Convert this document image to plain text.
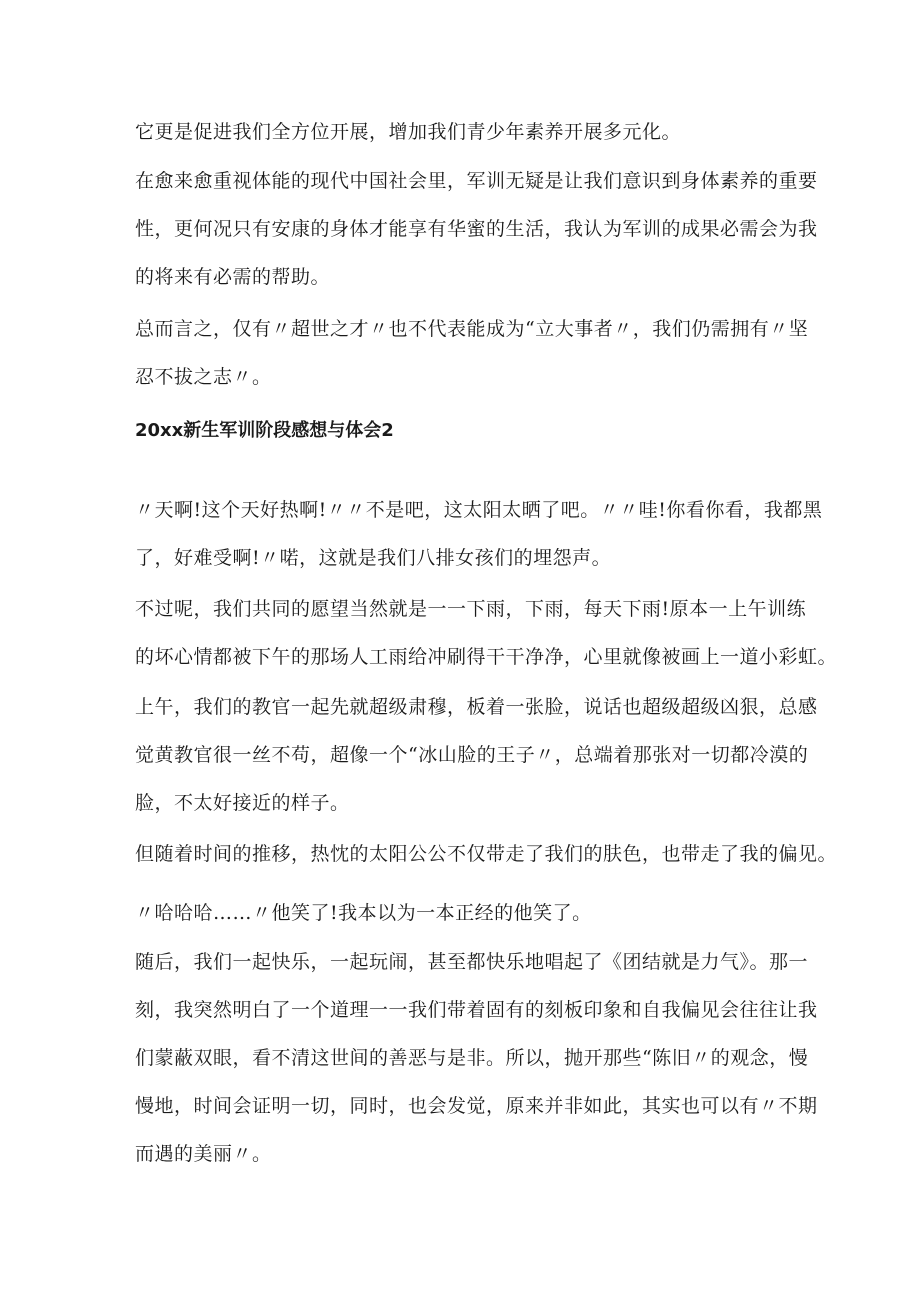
它更是促进我们全方位开展，增加我们青少年素养开展多元化。
在愈来愈重视体能的现代中国社会里，军训无疑是让我们意识到身体素养的重要
性，更何况只有安康的身体才能享有华蜜的生活，我认为军训的成果必需会为我
的将来有必需的帮助。
总而言之，仅有〃超世之才〃也不代表能成为“立大事者〃，我们仍需拥有〃坚
忍不拔之志〃。
20xx新生军训阶段感想与体会2
〃天啊!这个天好热啊!〃〃不是吧，这太阳太晒了吧。〃〃哇!你看你看，我都黑
了，好难受啊!〃喏，这就是我们八排女孩们的埋怨声。
不过呢，我们共同的愿望当然就是一一下雨，下雨，每天下雨!原本一上午训练
的坏心情都被下午的那场人工雨给冲刷得干干净净，心里就像被画上一道小彩虹。
上午，我们的教官一起先就超级肃穆，板着一张脸，说话也超级超级凶狠，总感
觉黄教官很一丝不苟，超像一个“冰山脸的王子〃，总端着那张对一切都冷漠的
脸，不太好接近的样子。
但随着时间的推移，热忱的太阳公公不仅带走了我们的肤色，也带走了我的偏见。
〃哈哈哈……〃他笑了!我本以为一本正经的他笑了。
随后，我们一起快乐，一起玩闹，甚至都快乐地唱起了《团结就是力气》。那一
刻，我突然明白了一个道理一一我们带着固有的刻板印象和自我偏见会往往让我
们蒙蔽双眼，看不清这世间的善恶与是非。所以，抛开那些“陈旧〃的观念，慢
慢地，时间会证明一切，同时，也会发觉，原来并非如此，其实也可以有〃不期
而遇的美丽〃。
